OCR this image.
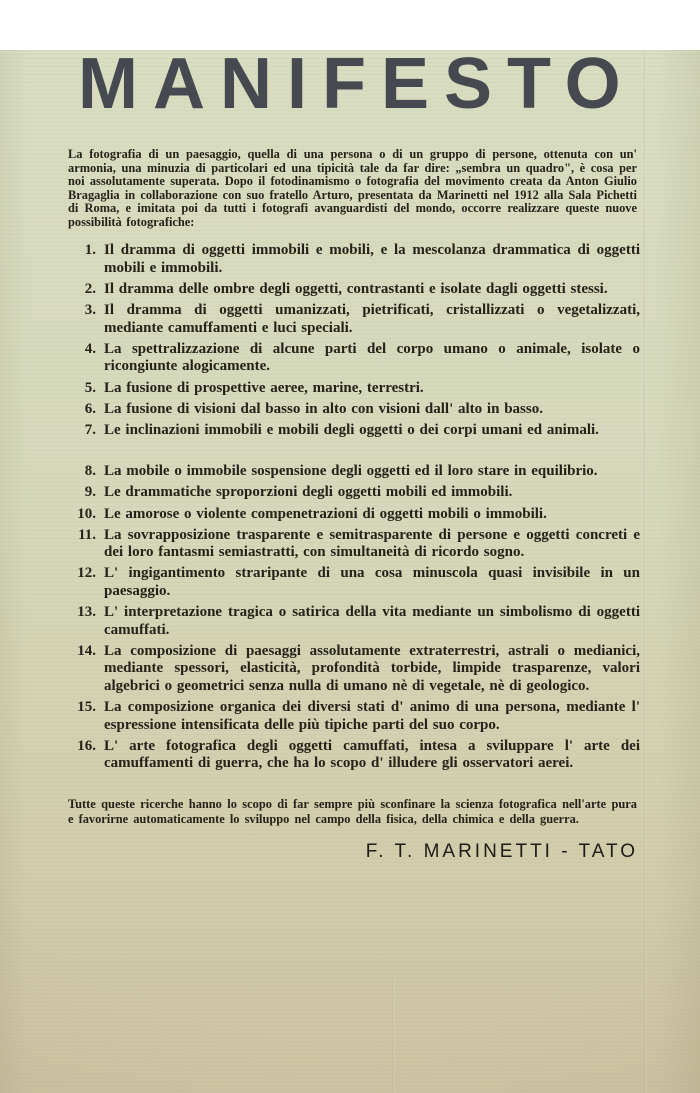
MANIFESTO

La fotografia di un paesaggio, quella di una persona o di un gruppo di persone, ottenuta con un' armonia, una minuzia di particolari ed una tipicità tale da far dire: „sembra un quadro", è cosa per noi assolutamente superata. Dopo il fotodinamismo o fotografia del movimento creata da Anton Giulio Bragaglia in collaborazione con suo fratello Arturo, presentata da Marinetti nel 1912 alla Sala Pichetti di Roma, e imitata poi da tutti i fotografi avanguardisti del mondo, occorre realizzare queste nuove possibilità fotografiche:

1. Il dramma di oggetti immobili e mobili, e la mescolanza drammatica di oggetti mobili e immobili.
2. Il dramma delle ombre degli oggetti, contrastanti e isolate dagli oggetti stessi.
3. Il dramma di oggetti umanizzati, pietrificati, cristallizzati o vegetalizzati, mediante camuffamenti e luci speciali.
4. La spettralizzazione di alcune parti del corpo umano o animale, isolate o ricongiunte alogicamente.
5. La fusione di prospettive aeree, marine, terrestri.
6. La fusione di visioni dal basso in alto con visioni dall' alto in basso.
7. Le inclinazioni immobili e mobili degli oggetti o dei corpi umani ed animali.
8. La mobile o immobile sospensione degli oggetti ed il loro stare in equilibrio.
9. Le drammatiche sproporzioni degli oggetti mobili ed immobili.
10. Le amorose o violente compenetrazioni di oggetti mobili o immobili.
11. La sovrapposizione trasparente e semitrasparente di persone e oggetti concreti e dei loro fantasmi semiastratti, con simultaneità di ricordo sogno.
12. L' ingigantimento straripante di una cosa minuscola quasi invisibile in un paesaggio.
13. L' interpretazione tragica o satirica della vita mediante un simbolismo di oggetti camuffati.
14. La composizione di paesaggi assolutamente extraterrestri, astrali o medianici, mediante spessori, elasticità, profondità torbide, limpide trasparenze, valori algebrici o geometrici senza nulla di umano nè di vegetale, nè di geologico.
15. La composizione organica dei diversi stati d' animo di una persona, mediante l' espressione intensificata delle più tipiche parti del suo corpo.
16. L' arte fotografica degli oggetti camuffati, intesa a sviluppare l' arte dei camuffamenti di guerra, che ha lo scopo d' illudere gli osservatori aerei.

Tutte queste ricerche hanno lo scopo di far sempre più sconfinare la scienza fotografica nell'arte pura e favorirne automaticamente lo sviluppo nel campo della fisica, della chimica e della guerra.

F. T. MARINETTI - TATO
